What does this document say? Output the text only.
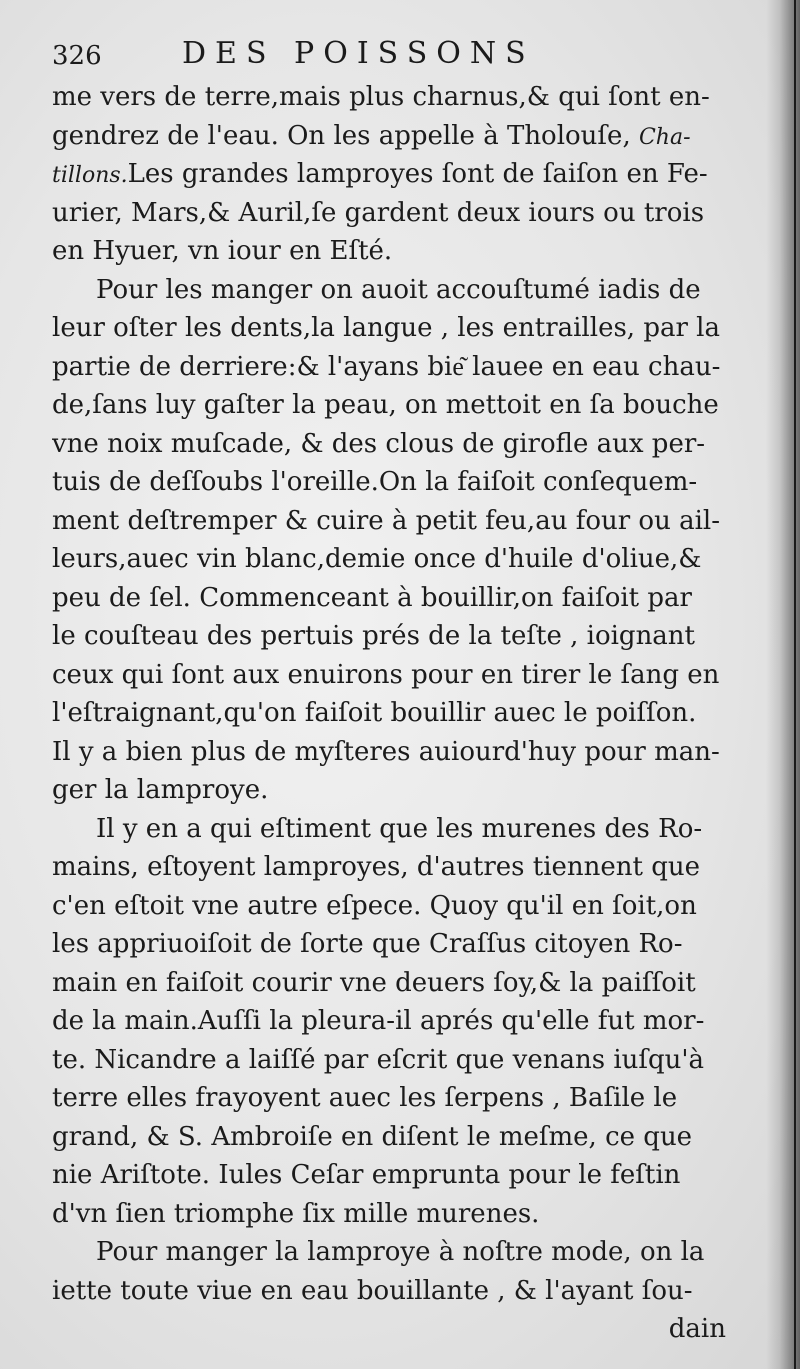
326	DES POISSONS
me vers de terre,mais plus charnus,& qui ſont en-
gendrez de l'eau. On les appelle à Tholouſe, Cha-
tillons.Les grandes lamproyes ſont de ſaiſon en Fe-
urier, Mars,& Auril,ſe gardent deux iours ou trois
en Hyuer, vn iour en Eſté.
Pour les manger on auoit accouſtumé iadis de
leur oſter les dents,la langue , les entrailles, par la
partie de derriere:& l'ayans bie͂ lauee en eau chau-
de,ſans luy gaſter la peau, on mettoit en ſa bouche
vne noix muſcade, & des clous de girofle aux per-
tuis de deſſoubs l'oreille.On la faiſoit conſequem-
ment deſtremper & cuire à petit feu,au four ou ail-
leurs,auec vin blanc,demie once d'huile d'oliue,&
peu de ſel. Commenceant à bouillir,on faiſoit par
le couſteau des pertuis prés de la teſte , ioignant
ceux qui ſont aux enuirons pour en tirer le ſang en
l'eſtraignant,qu'on faiſoit bouillir auec le poiſſon.
Il y a bien plus de myſteres auiourd'huy pour man-
ger la lamproye.
Il y en a qui eſtiment que les murenes des Ro-
mains, eſtoyent lamproyes, d'autres tiennent que
c'en eſtoit vne autre eſpece. Quoy qu'il en ſoit,on
les appriuoiſoit de ſorte que Craſſus citoyen Ro-
main en faiſoit courir vne deuers ſoy,& la paiſſoit
de la main.Auſſi la pleura-il aprés qu'elle fut mor-
te. Nicandre a laiſſé par eſcrit que venans iuſqu'à
terre elles frayoyent auec les ſerpens , Baſile le
grand, & S. Ambroiſe en diſent le meſme, ce que
nie Ariſtote. Iules Ceſar emprunta pour le feſtin
d'vn ſien triomphe ſix mille murenes.
Pour manger la lamproye à noſtre mode, on la
iette toute viue en eau bouillante , & l'ayant ſou-
dain
